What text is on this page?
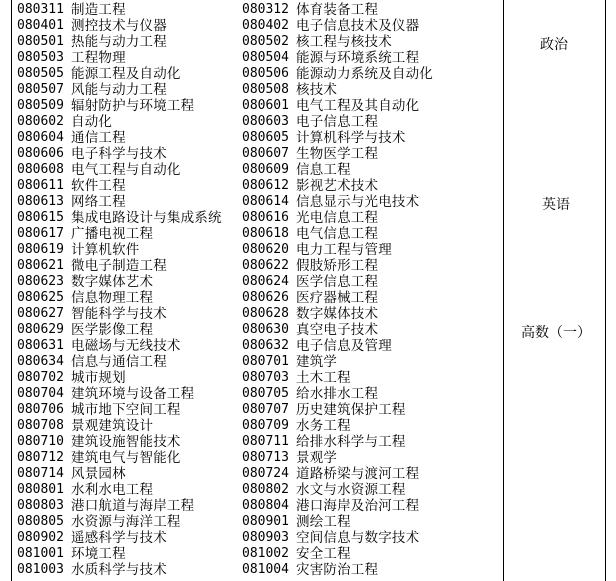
080311 制造工程
080401 测控技术与仪器
080501 热能与动力工程
080503 工程物理
080505 能源工程及自动化
080507 风能与动力工程
080509 辐射防护与环境工程
080602 自动化
080604 通信工程
080606 电子科学与技术
080608 电气工程与自动化
080611 软件工程
080613 网络工程
080615 集成电路设计与集成系统
080617 广播电视工程
080619 计算机软件
080621 微电子制造工程
080623 数字媒体艺术
080625 信息物理工程
080627 智能科学与技术
080629 医学影像工程
080631 电磁场与无线技术
080634 信息与通信工程
080702 城市规划
080704 建筑环境与设备工程
080706 城市地下空间工程
080708 景观建筑设计
080710 建筑设施智能技术
080712 建筑电气与智能化
080714 风景园林
080801 水利水电工程
080803 港口航道与海岸工程
080805 水资源与海洋工程
080902 遥感科学与技术
081001 环境工程
081003 水质科学与技术
080312 体育装备工程
080402 电子信息技术及仪器
080502 核工程与核技术
080504 能源与环境系统工程
080506 能源动力系统及自动化
080508 核技术
080601 电气工程及其自动化
080603 电子信息工程
080605 计算机科学与技术
080607 生物医学工程
080609 信息工程
080612 影视艺术技术
080614 信息显示与光电技术
080616 光电信息工程
080618 电气信息工程
080620 电力工程与管理
080622 假肢矫形工程
080624 医学信息工程
080626 医疗器械工程
080628 数字媒体技术
080630 真空电子技术
080632 电子信息及管理
080701 建筑学
080703 土木工程
080705 给水排水工程
080707 历史建筑保护工程
080709 水务工程
080711 给排水科学与工程
080713 景观学
080724 道路桥梁与渡河工程
080802 水文与水资源工程
080804 港口海岸及治河工程
080901 测绘工程
080903 空间信息与数字技术
081002 安全工程
081004 灾害防治工程
政治
英语
高数（一）
